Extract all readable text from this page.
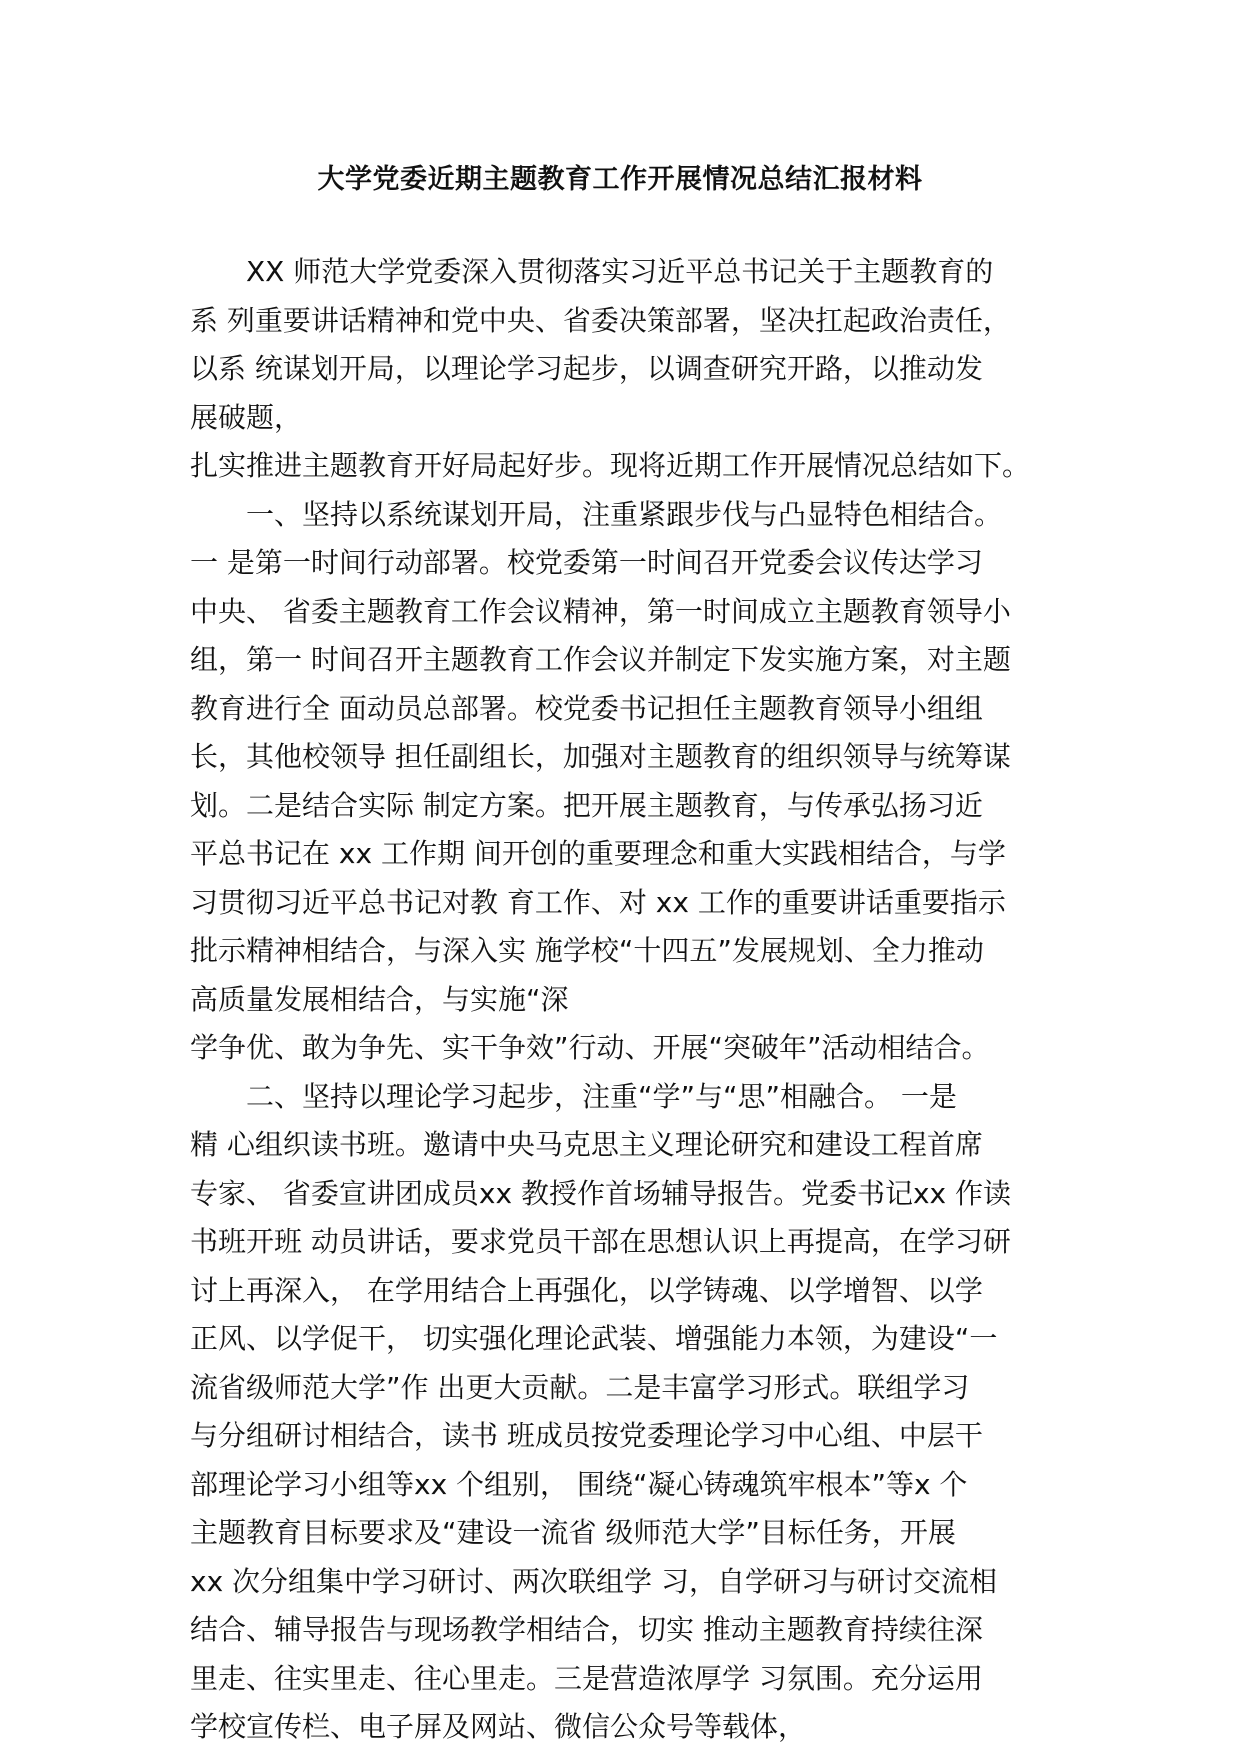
大学党委近期主题教育工作开展情况总结汇报材料
XX 师范大学党委深入贯彻落实习近平总书记关于主题教育的
系 列重要讲话精神和党中央、省委决策部署，坚决扛起政治责任，
以系 统谋划开局，以理论学习起步，以调查研究开路，以推动发
展破题，
扎实推进主题教育开好局起好步。现将近期工作开展情况总结如下。
一、坚持以系统谋划开局，注重紧跟步伐与凸显特色相结合。
一 是第一时间行动部署。校党委第一时间召开党委会议传达学习
中央、 省委主题教育工作会议精神，第一时间成立主题教育领导小
组，第一 时间召开主题教育工作会议并制定下发实施方案，对主题
教育进行全 面动员总部署。校党委书记担任主题教育领导小组组
长，其他校领导 担任副组长，加强对主题教育的组织领导与统筹谋
划。二是结合实际 制定方案。把开展主题教育，与传承弘扬习近
平总书记在 xx 工作期 间开创的重要理念和重大实践相结合，与学
习贯彻习近平总书记对教 育工作、对 xx 工作的重要讲话重要指示
批示精神相结合，与深入实 施学校“十四五”发展规划、全力推动
高质量发展相结合，与实施“深
学争优、敢为争先、实干争效”行动、开展“突破年”活动相结合。
二、坚持以理论学习起步，注重“学”与“思”相融合。 一是
精 心组织读书班。邀请中央马克思主义理论研究和建设工程首席
专家、 省委宣讲团成员xx 教授作首场辅导报告。党委书记xx 作读
书班开班 动员讲话，要求党员干部在思想认识上再提高，在学习研
讨上再深入， 在学用结合上再强化，以学铸魂、以学增智、以学
正风、以学促干， 切实强化理论武装、增强能力本领，为建设“一
流省级师范大学”作 出更大贡献。二是丰富学习形式。联组学习
与分组研讨相结合，读书 班成员按党委理论学习中心组、中层干
部理论学习小组等xx 个组别， 围绕“凝心铸魂筑牢根本”等x 个
主题教育目标要求及“建设一流省 级师范大学”目标任务，开展
xx 次分组集中学习研讨、两次联组学 习，自学研习与研讨交流相
结合、辅导报告与现场教学相结合，切实 推动主题教育持续往深
里走、往实里走、往心里走。三是营造浓厚学 习氛围。充分运用
学校宣传栏、电子屏及网站、微信公众号等载体，
